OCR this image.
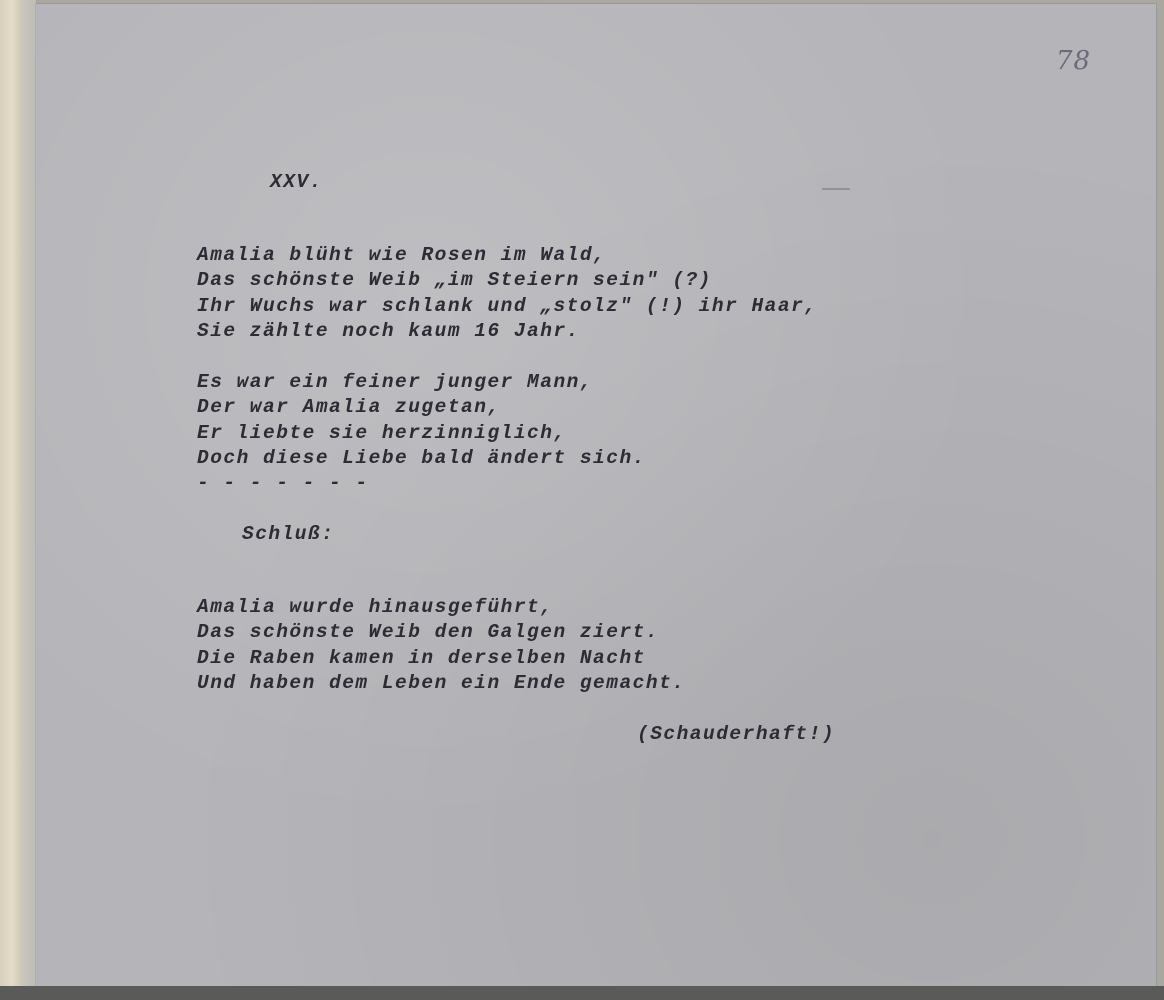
78

XXV.

Amalia blüht wie Rosen im Wald,
Das schönste Weib „im Steiern sein" (?)
Ihr Wuchs war schlank und „stolz" (!) ihr Haar,
Sie zählte noch kaum 16 Jahr.

Es war ein feiner junger Mann,
Der war Amalia zugetan,
Er liebte sie herzinniglich,
Doch diese Liebe bald ändert sich.

- - - - - - -

Schluß:

Amalia wurde hinausgeführt,
Das schönste Weib den Galgen ziert.
Die Raben kamen in derselben Nacht
Und haben dem Leben ein Ende gemacht.

(Schauderhaft!)
